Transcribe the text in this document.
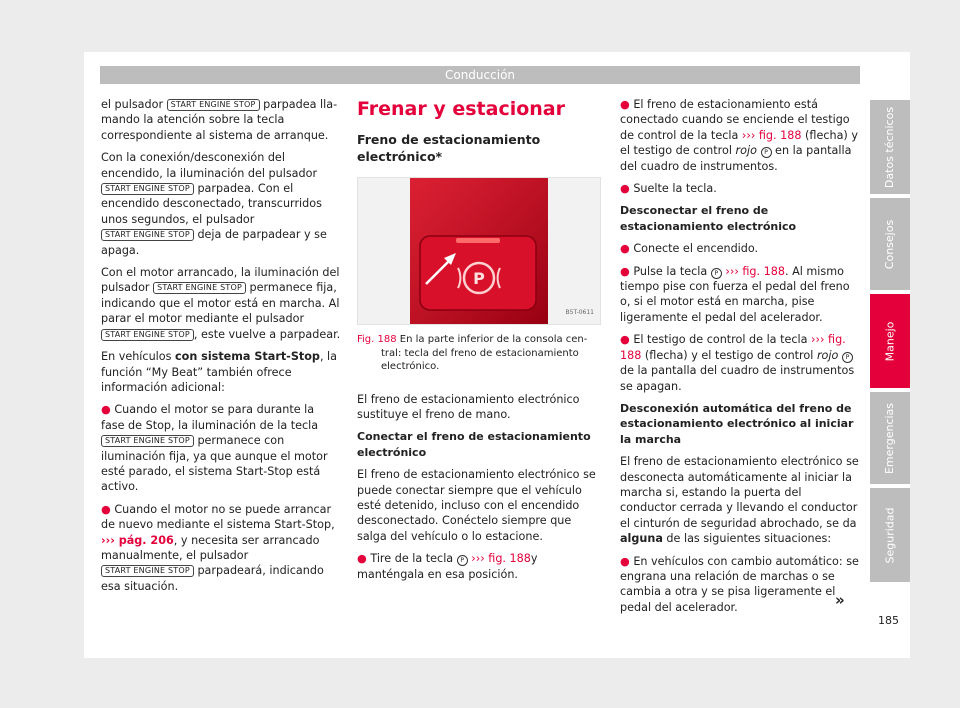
Conducción

el pulsador START ENGINE STOP parpadea llamando la atención sobre la tecla correspondiente al sistema de arranque.

Con la conexión/desconexión del encendido, la iluminación del pulsador START ENGINE STOP parpadea. Con el encendido desconectado, transcurridos unos segundos, el pulsador START ENGINE STOP deja de parpadear y se apaga.

Con el motor arrancado, la iluminación del pulsador START ENGINE STOP permanece fija, indicando que el motor está en marcha. Al parar el motor mediante el pulsador START ENGINE STOP , este vuelve a parpadear.

En vehículos con sistema Start-Stop, la función “My Beat” también ofrece información adicional:

● Cuando el motor se para durante la fase de Stop, la iluminación de la tecla START ENGINE STOP permanece con iluminación fija, ya que aunque el motor esté parado, el sistema Start-Stop está activo.

● Cuando el motor no se puede arrancar de nuevo mediante el sistema Start-Stop, ››› pág. 206, y necesita ser arrancado manualmente, el pulsador START ENGINE STOP parpadeará, indicando esa situación.

Frenar y estacionar
Freno de estacionamiento electrónico*
P
B5T-0611
Fig. 188 En la parte inferior de la consola central: tecla del freno de estacionamiento electrónico.

El freno de estacionamiento electrónico sustituye el freno de mano.

Conectar el freno de estacionamiento electrónico

El freno de estacionamiento electrónico se puede conectar siempre que el vehículo esté detenido, incluso con el encendido desconectado. Conéctelo siempre que salga del vehículo o lo estacione.

● Tire de la tecla P ››› fig. 188y manténgala en esa posición.

● El freno de estacionamiento está conectado cuando se enciende el testigo de control de la tecla ››› fig. 188 (flecha) y el testigo de control rojo P en la pantalla del cuadro de instrumentos.

● Suelte la tecla.

Desconectar el freno de estacionamiento electrónico

● Conecte el encendido.

● Pulse la tecla P ››› fig. 188. Al mismo tiempo pise con fuerza el pedal del freno o, si el motor está en marcha, pise ligeramente el pedal del acelerador.

● El testigo de control de la tecla ››› fig. 188 (flecha) y el testigo de control rojo P de la pantalla del cuadro de instrumentos se apagan.

Desconexión automática del freno de estacionamiento electrónico al iniciar la marcha

El freno de estacionamiento electrónico se desconecta automáticamente al iniciar la marcha si, estando la puerta del conductor cerrada y llevando el conductor el cinturón de seguridad abrochado, se da alguna de las siguientes situaciones:

● En vehículos con cambio automático: se engrana una relación de marchas o se cambia a otra y se pisa ligeramente el pedal del acelerador.	»
Datos técnicos
Consejos
Manejo
Emergencias
Seguridad
185
